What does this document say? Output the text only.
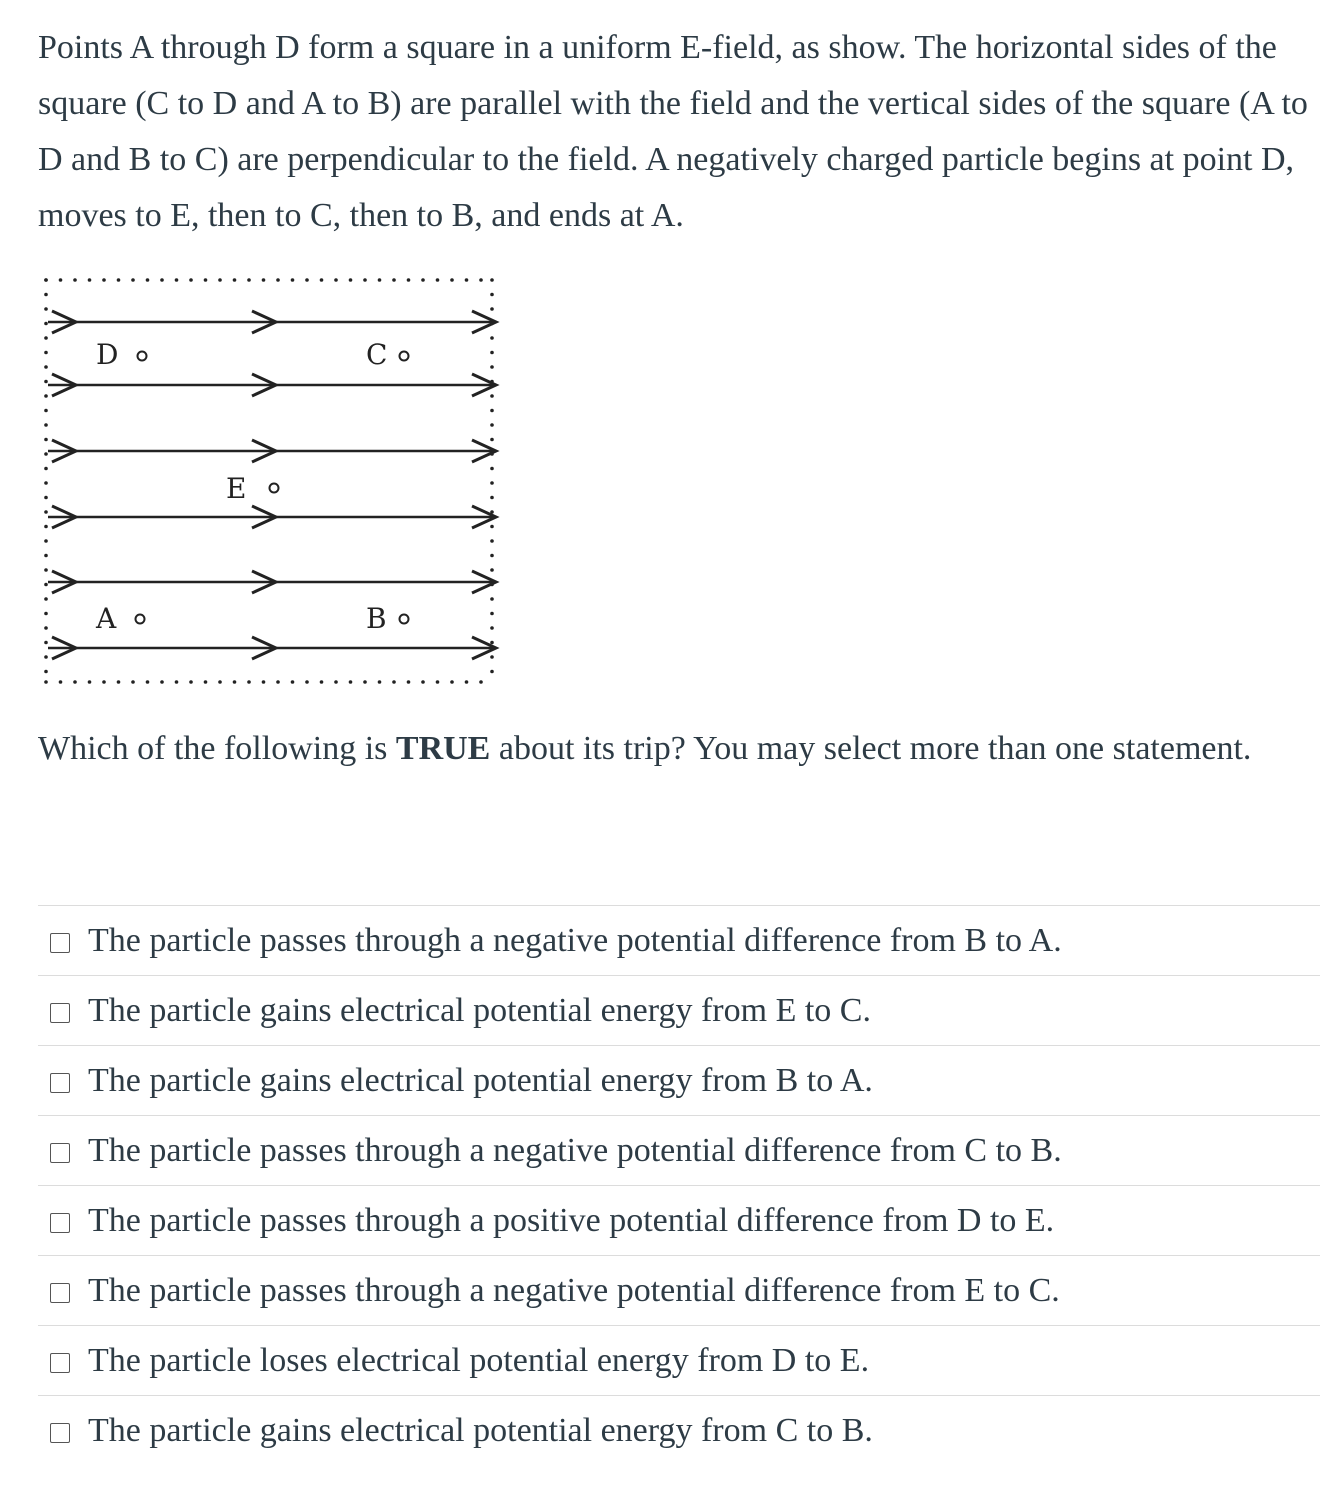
Points A through D form a square in a uniform E-field, as show. The horizontal sides of the square (C to D and A to B) are parallel with the field and the vertical sides of the square (A to D and B to C) are perpendicular to the field. A negatively charged particle begins at point D, moves to E, then to C, then to B, and ends at A.

D	C
E
A	B

Which of the following is TRUE about its trip? You may select more than one statement.

The particle passes through a negative potential difference from B to A.
The particle gains electrical potential energy from E to C.
The particle gains electrical potential energy from B to A.
The particle passes through a negative potential difference from C to B.
The particle passes through a positive potential difference from D to E.
The particle passes through a negative potential difference from E to C.
The particle loses electrical potential energy from D to E.
The particle gains electrical potential energy from C to B.
